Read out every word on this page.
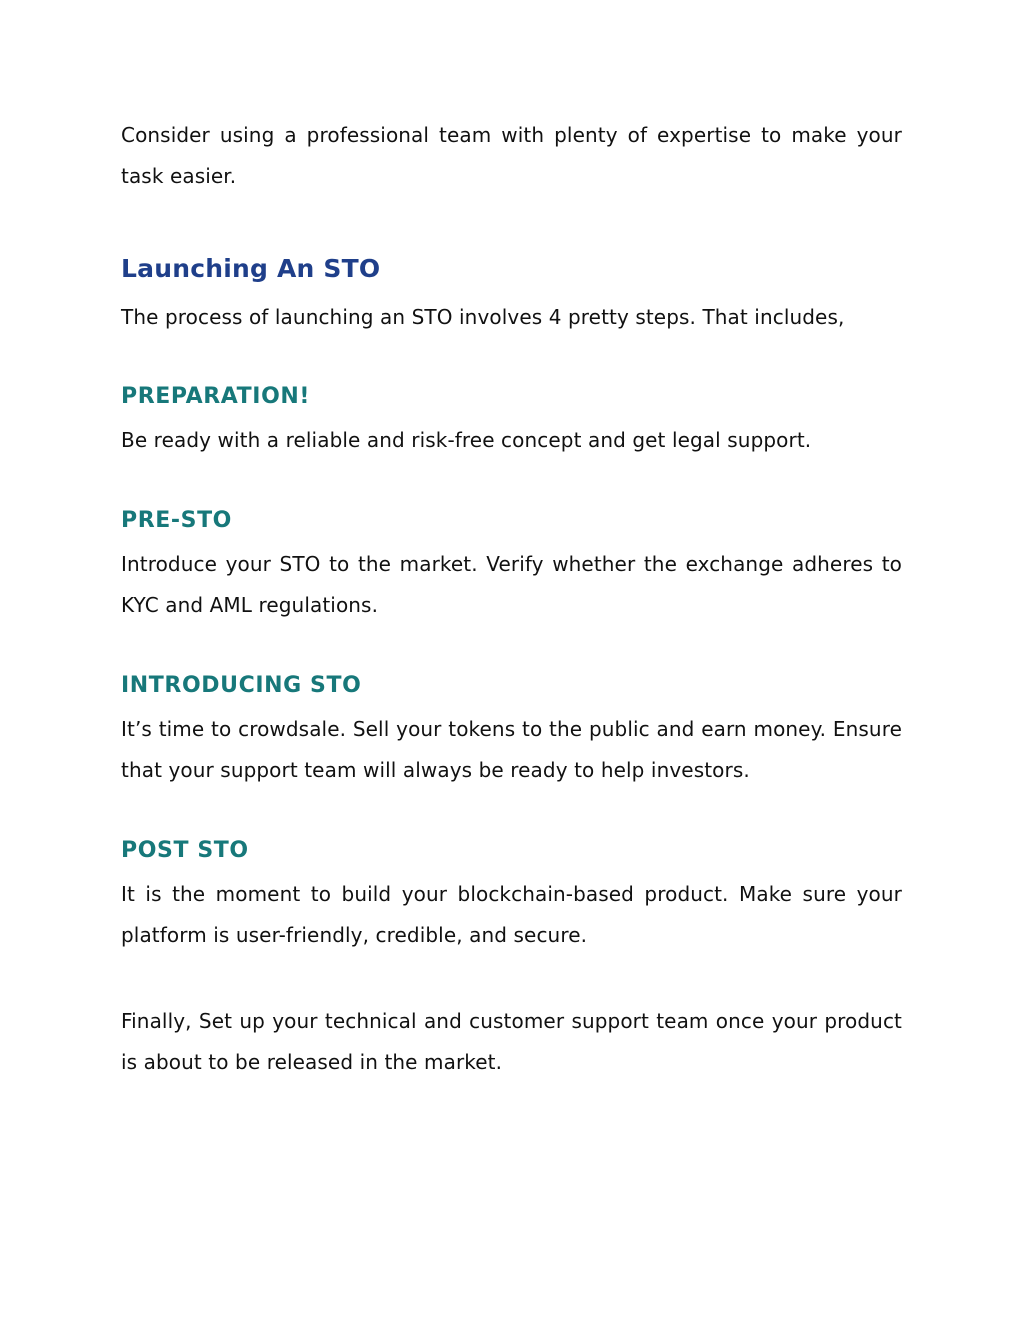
Consider using a professional team with plenty of expertise to make your task easier.

Launching An STO

The process of launching an STO involves 4 pretty steps. That includes,

PREPARATION!

Be ready with a reliable and risk-free concept and get legal support.

PRE-STO

Introduce your STO to the market. Verify whether the exchange adheres to KYC and AML regulations.

INTRODUCING STO

It’s time to crowdsale. Sell your tokens to the public and earn money. Ensure that your support team will always be ready to help investors.

POST STO

It is the moment to build your blockchain-based product. Make sure your platform is user-friendly, credible, and secure.

Finally, Set up your technical and customer support team once your product is about to be released in the market.
